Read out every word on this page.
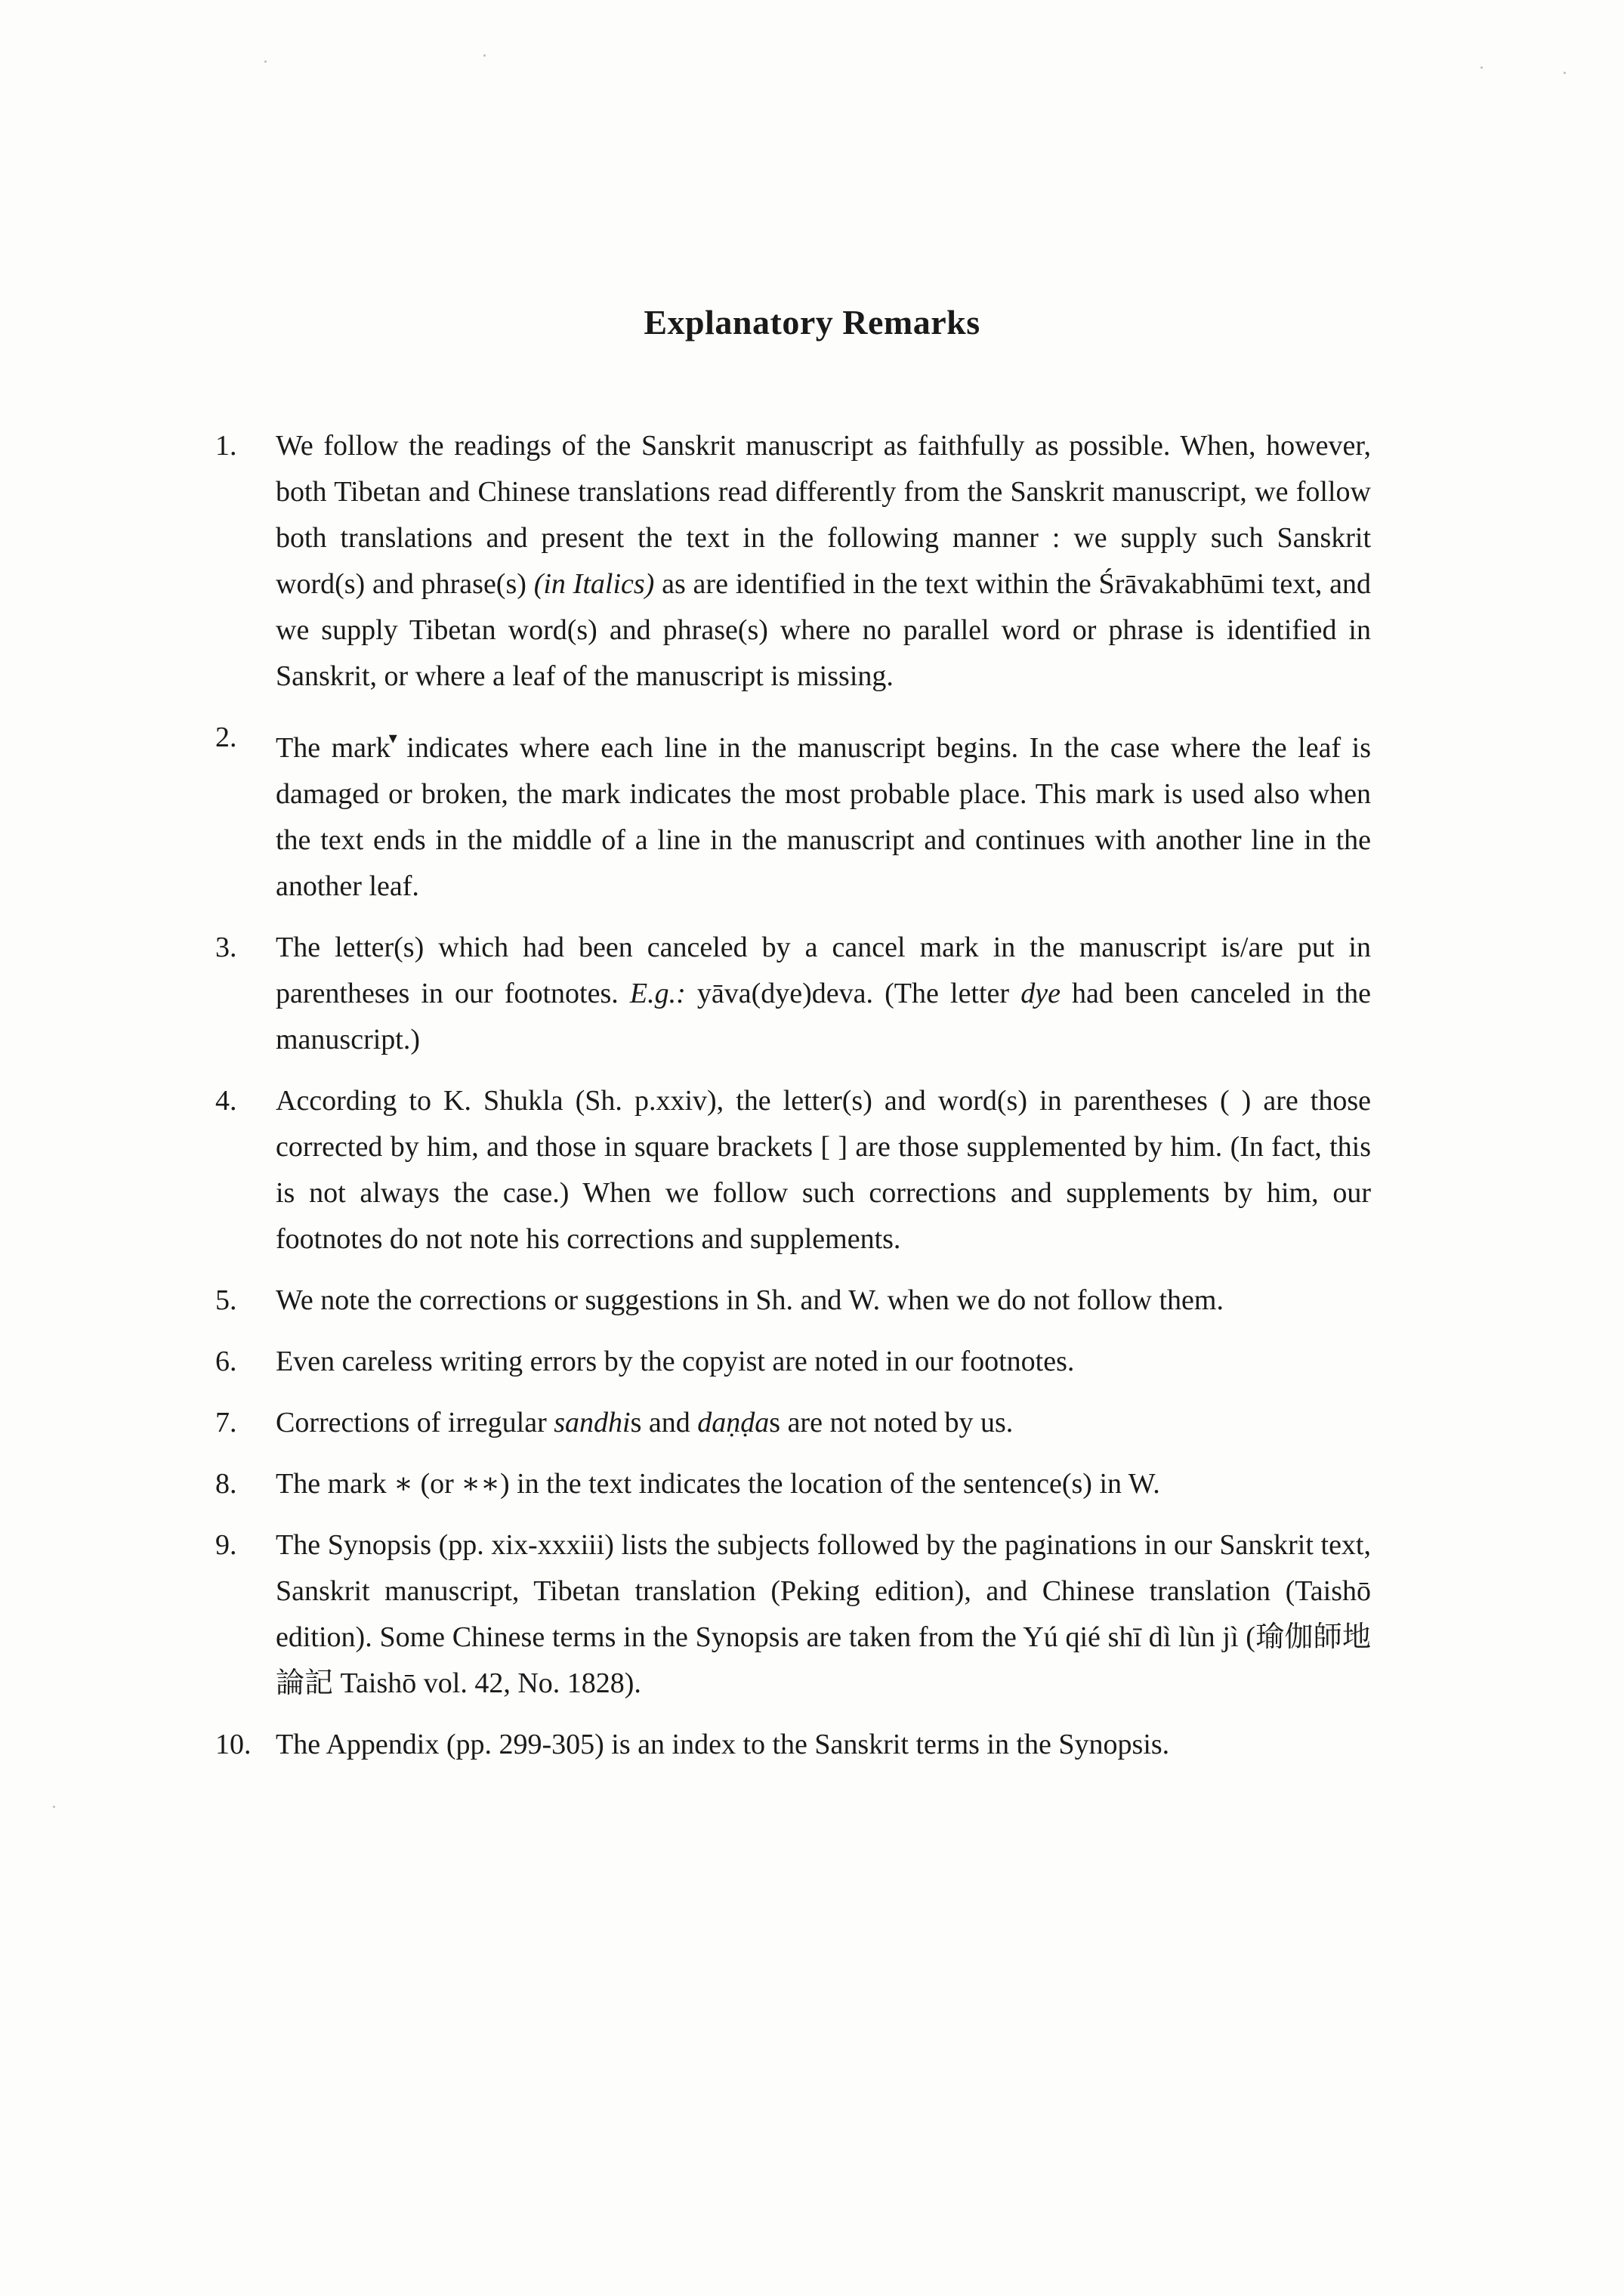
Explanatory Remarks
1.	We follow the readings of the Sanskrit manuscript as faithfully as possible. When, however, both Tibetan and Chinese translations read differently from the Sanskrit manuscript, we follow both translations and present the text in the following manner : we supply such Sanskrit word(s) and phrase(s) (in Italics) as are identified in the text within the Śrāvakabhūmi text, and we supply Tibetan word(s) and phrase(s) where no parallel word or phrase is identified in Sanskrit, or where a leaf of the manuscript is missing.
2.	The mark▾ indicates where each line in the manuscript begins. In the case where the leaf is damaged or broken, the mark indicates the most probable place. This mark is used also when the text ends in the middle of a line in the manuscript and continues with another line in the another leaf.
3.	The letter(s) which had been canceled by a cancel mark in the manuscript is/are put in parentheses in our footnotes. E.g.: yāva(dye)deva. (The letter dye had been canceled in the manuscript.)
4.	According to K. Shukla (Sh. p.xxiv), the letter(s) and word(s) in parentheses ( ) are those corrected by him, and those in square brackets [ ] are those supplemented by him. (In fact, this is not always the case.) When we follow such corrections and supplements by him, our footnotes do not note his corrections and supplements.
5.	We note the corrections or suggestions in Sh. and W. when we do not follow them.
6.	Even careless writing errors by the copyist are noted in our footnotes.
7.	Corrections of irregular sandhis and daṇḍas are not noted by us.
8.	The mark ∗ (or ∗∗) in the text indicates the location of the sentence(s) in W.
9.	The Synopsis (pp. xix-xxxiii) lists the subjects followed by the paginations in our Sanskrit text, Sanskrit manuscript, Tibetan translation (Peking edition), and Chinese translation (Taishō edition). Some Chinese terms in the Synopsis are taken from the Yú qié shī dì lùn jì (瑜伽師地論記 Taishō vol. 42, No. 1828).
10. The Appendix (pp. 299-305) is an index to the Sanskrit terms in the Synopsis.
